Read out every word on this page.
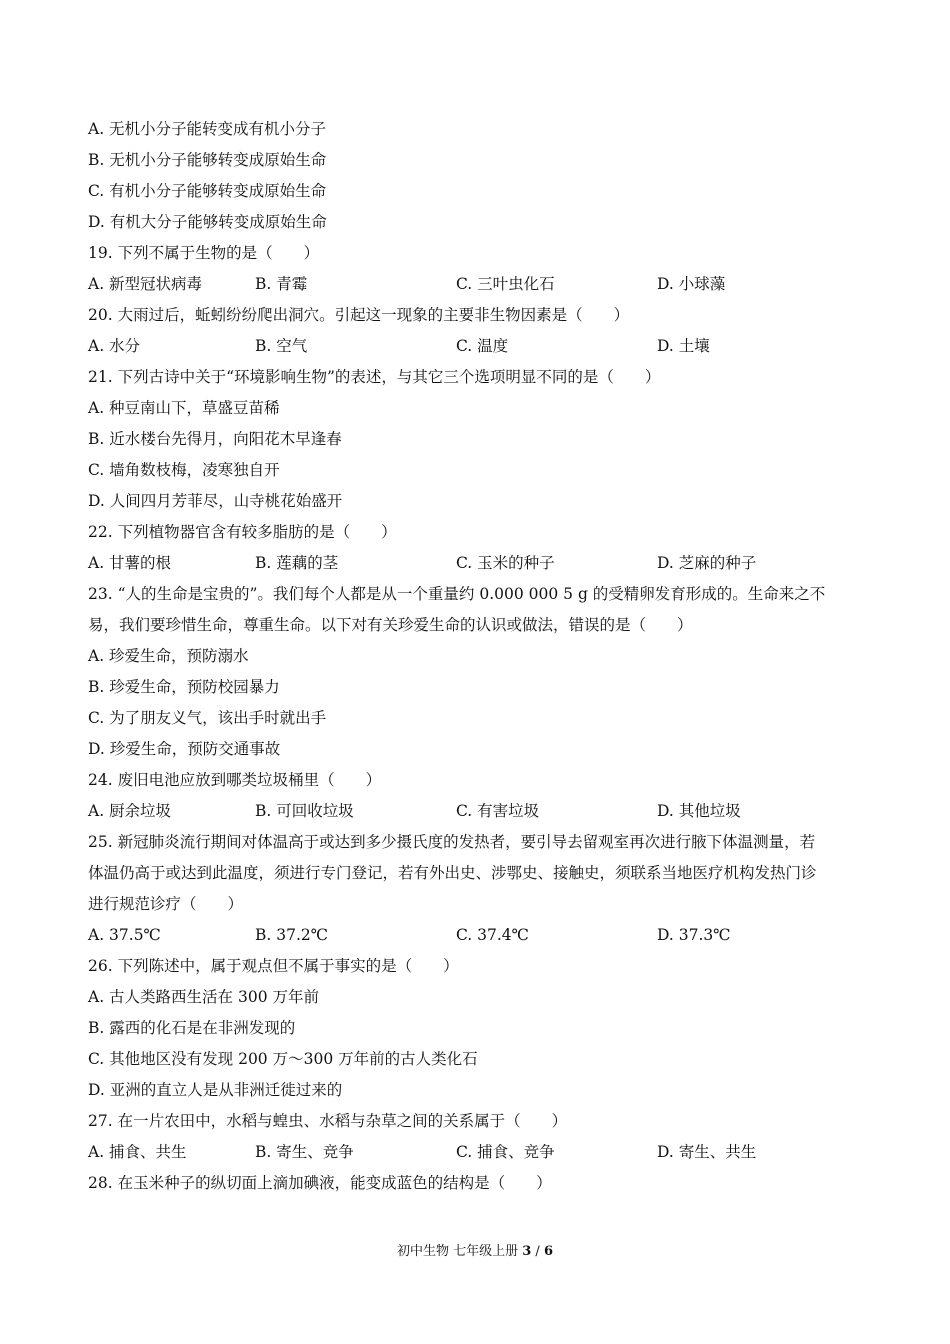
A. 无机小分子能转变成有机小分子
B. 无机小分子能够转变成原始生命
C. 有机小分子能够转变成原始生命
D. 有机大分子能够转变成原始生命
19. 下列不属于生物的是（　　）
A. 新型冠状病毒	B. 青霉	C. 三叶虫化石	D. 小球藻
20. 大雨过后，蚯蚓纷纷爬出洞穴。引起这一现象的主要非生物因素是（　　）
A. 水分	B. 空气	C. 温度	D. 土壤
21. 下列古诗中关于“环境影响生物”的表述，与其它三个选项明显不同的是（　　）
A. 种豆南山下，草盛豆苗稀
B. 近水楼台先得月，向阳花木早逢春
C. 墙角数枝梅，凌寒独自开
D. 人间四月芳菲尽，山寺桃花始盛开
22. 下列植物器官含有较多脂肪的是（　　）
A. 甘薯的根	B. 莲藕的茎	C. 玉米的种子	D. 芝麻的种子
23. “人的生命是宝贵的”。我们每个人都是从一个重量约 0.000 000 5 g 的受精卵发育形成的。生命来之不
易，我们要珍惜生命，尊重生命。以下对有关珍爱生命的认识或做法，错误的是（　　）
A. 珍爱生命，预防溺水
B. 珍爱生命，预防校园暴力
C. 为了朋友义气，该出手时就出手
D. 珍爱生命，预防交通事故
24. 废旧电池应放到哪类垃圾桶里（　　）
A. 厨余垃圾	B. 可回收垃圾	C. 有害垃圾	D. 其他垃圾
25. 新冠肺炎流行期间对体温高于或达到多少摄氏度的发热者，要引导去留观室再次进行腋下体温测量，若
体温仍高于或达到此温度，须进行专门登记，若有外出史、涉鄂史、接触史，须联系当地医疗机构发热门诊
进行规范诊疗（　　）
A. 37.5℃	B. 37.2℃	C. 37.4℃	D. 37.3℃
26. 下列陈述中，属于观点但不属于事实的是（　　）
A. 古人类路西生活在 300 万年前
B. 露西的化石是在非洲发现的
C. 其他地区没有发现 200 万～300 万年前的古人类化石
D. 亚洲的直立人是从非洲迁徙过来的
27. 在一片农田中，水稻与蝗虫、水稻与杂草之间的关系属于（　　）
A. 捕食、共生	B. 寄生、竞争	C. 捕食、竞争	D. 寄生、共生
28. 在玉米种子的纵切面上滴加碘液，能变成蓝色的结构是（　　）
初中生物 七年级上册 3 / 6
